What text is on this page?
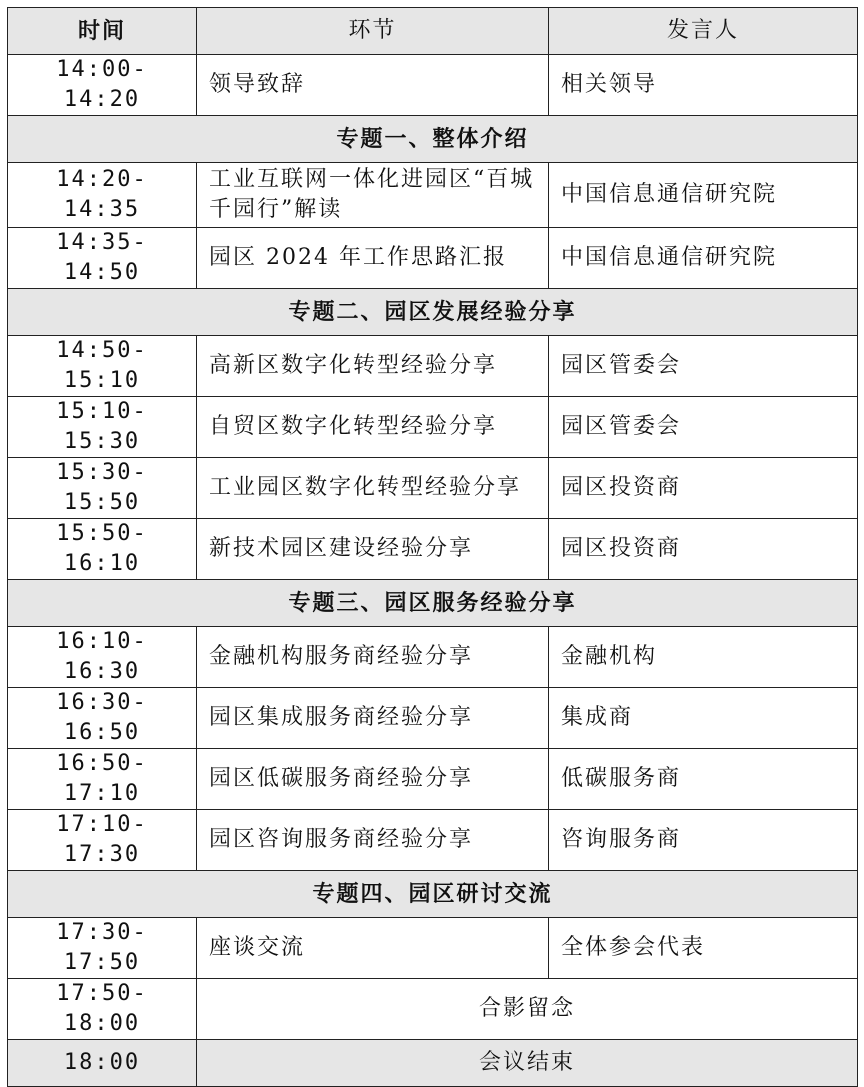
时间	环节	发言人
14:00-14:20	领导致辞	相关领导
专题一、整体介绍		
14:20-14:35	工业互联网一体化进园区“百城千园行”解读	中国信息通信研究院
14:35-14:50	园区 2024 年工作思路汇报	中国信息通信研究院
专题二、园区发展经验分享		
14:50-15:10	高新区数字化转型经验分享	园区管委会
15:10-15:30	自贸区数字化转型经验分享	园区管委会
15:30-15:50	工业园区数字化转型经验分享	园区投资商
15:50-16:10	新技术园区建设经验分享	园区投资商
专题三、园区服务经验分享		
16:10-16:30	金融机构服务商经验分享	金融机构
16:30-16:50	园区集成服务商经验分享	集成商
16:50-17:10	园区低碳服务商经验分享	低碳服务商
17:10-17:30	园区咨询服务商经验分享	咨询服务商
专题四、园区研讨交流		
17:30-17:50	座谈交流	全体参会代表
17:50-18:00	合影留念	
18:00	会议结束	
